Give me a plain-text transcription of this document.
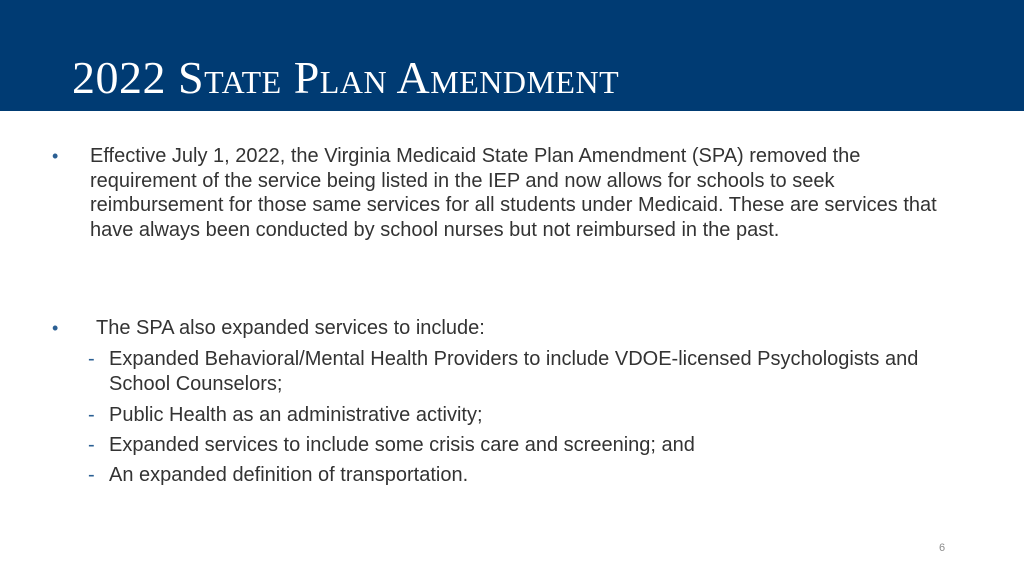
2022 State Plan Amendment
• Effective July 1, 2022, the Virginia Medicaid State Plan Amendment (SPA) removed the requirement of the service being listed in the IEP and now allows for schools to seek reimbursement for those same services for all students under Medicaid. These are services that have always been conducted by school nurses but not reimbursed in the past.

• The SPA also expanded services to include:

- Expanded Behavioral/Mental Health Providers to include VDOE-licensed Psychologists and School Counselors;

- Public Health as an administrative activity;

- Expanded services to include some crisis care and screening; and

- An expanded definition of transportation.

6
